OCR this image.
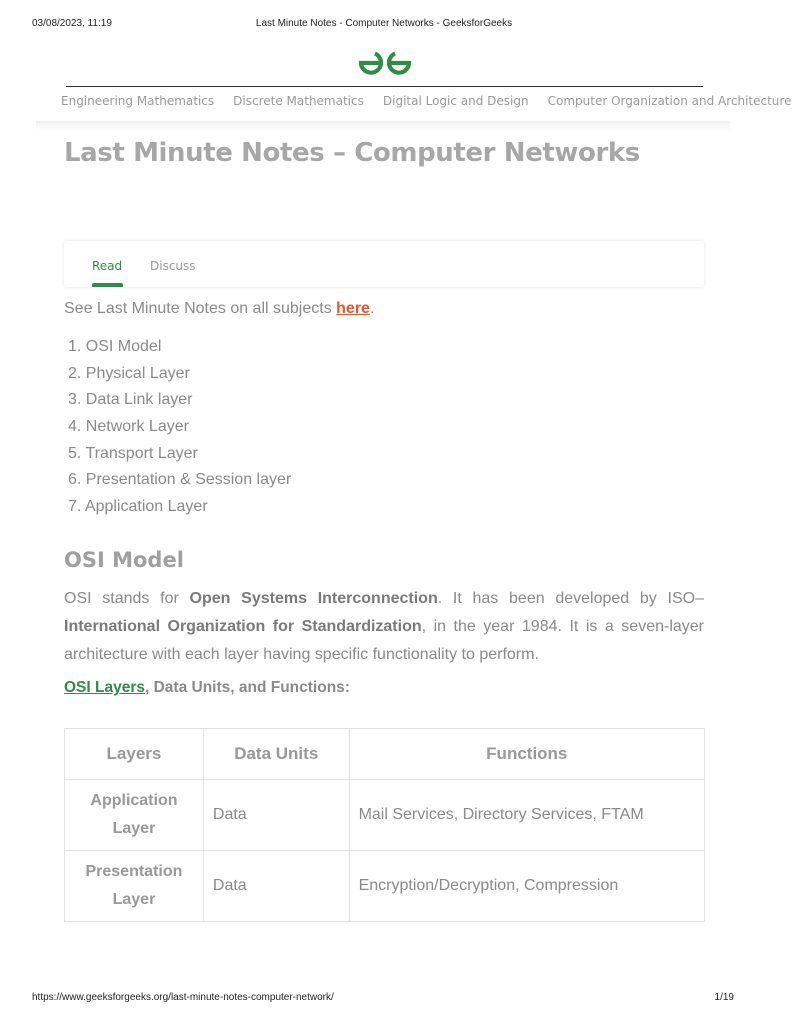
03/08/2023, 11:19	Last Minute Notes - Computer Networks - GeeksforGeeks
Engineering Mathematics Discrete Mathematics Digital Logic and Design Computer Organization and Architecture
Last Minute Notes – Computer Networks
Read Discuss

See Last Minute Notes on all subjects here.

1. OSI Model
2. Physical Layer
3. Data Link layer
4. Network Layer
5. Transport Layer
6. Presentation & Session layer
7. Application Layer
OSI Model

OSI stands for Open Systems Interconnection. It has been developed by ISO– International Organization for Standardization, in the year 1984. It is a seven-layer architecture with each layer having specific functionality to perform.

OSI Layers, Data Units, and Functions:

Layers	Data Units	Functions
Application Layer	Data	Mail Services, Directory Services, FTAM
Presentation Layer	Data	Encryption/Decryption, Compression
https://www.geeksforgeeks.org/last-minute-notes-computer-network/	1/19
